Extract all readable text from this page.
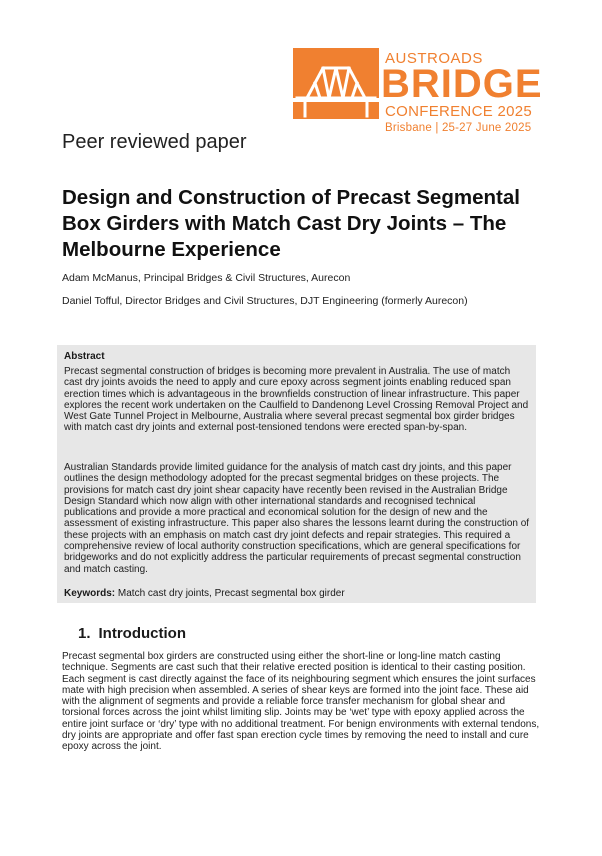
AUSTROADS
BRIDGE
CONFERENCE 2025
Brisbane | 25-27 June 2025
Peer reviewed paper
Design and Construction of Precast Segmental Box Girders with Match Cast Dry Joints – The Melbourne Experience
Adam McManus, Principal Bridges & Civil Structures, Aurecon
Daniel Tofful, Director Bridges and Civil Structures, DJT Engineering (formerly Aurecon)
Abstract

Precast segmental construction of bridges is becoming more prevalent in Australia. The use of match cast dry joints avoids the need to apply and cure epoxy across segment joints enabling reduced span erection times which is advantageous in the brownfields construction of linear infrastructure. This paper explores the recent work undertaken on the Caulfield to Dandenong Level Crossing Removal Project and West Gate Tunnel Project in Melbourne, Australia where several precast segmental box girder bridges with match cast dry joints and external post-tensioned tendons were erected span-by-span.

Australian Standards provide limited guidance for the analysis of match cast dry joints, and this paper outlines the design methodology adopted for the precast segmental bridges on these projects. The provisions for match cast dry joint shear capacity have recently been revised in the Australian Bridge Design Standard which now align with other international standards and recognised technical publications and provide a more practical and economical solution for the design of new and the assessment of existing infrastructure. This paper also shares the lessons learnt during the construction of these projects with an emphasis on match cast dry joint defects and repair strategies. This required a comprehensive review of local authority construction specifications, which are general specifications for bridgeworks and do not explicitly address the particular requirements of precast segmental construction and match casting.

Keywords: Match cast dry joints, Precast segmental box girder
1. Introduction

Precast segmental box girders are constructed using either the short-line or long-line match casting technique. Segments are cast such that their relative erected position is identical to their casting position. Each segment is cast directly against the face of its neighbouring segment which ensures the joint surfaces mate with high precision when assembled. A series of shear keys are formed into the joint face. These aid with the alignment of segments and provide a reliable force transfer mechanism for global shear and torsional forces across the joint whilst limiting slip. Joints may be ‘wet’ type with epoxy applied across the entire joint surface or ‘dry’ type with no additional treatment. For benign environments with external tendons, dry joints are appropriate and offer fast span erection cycle times by removing the need to install and cure epoxy across the joint.
